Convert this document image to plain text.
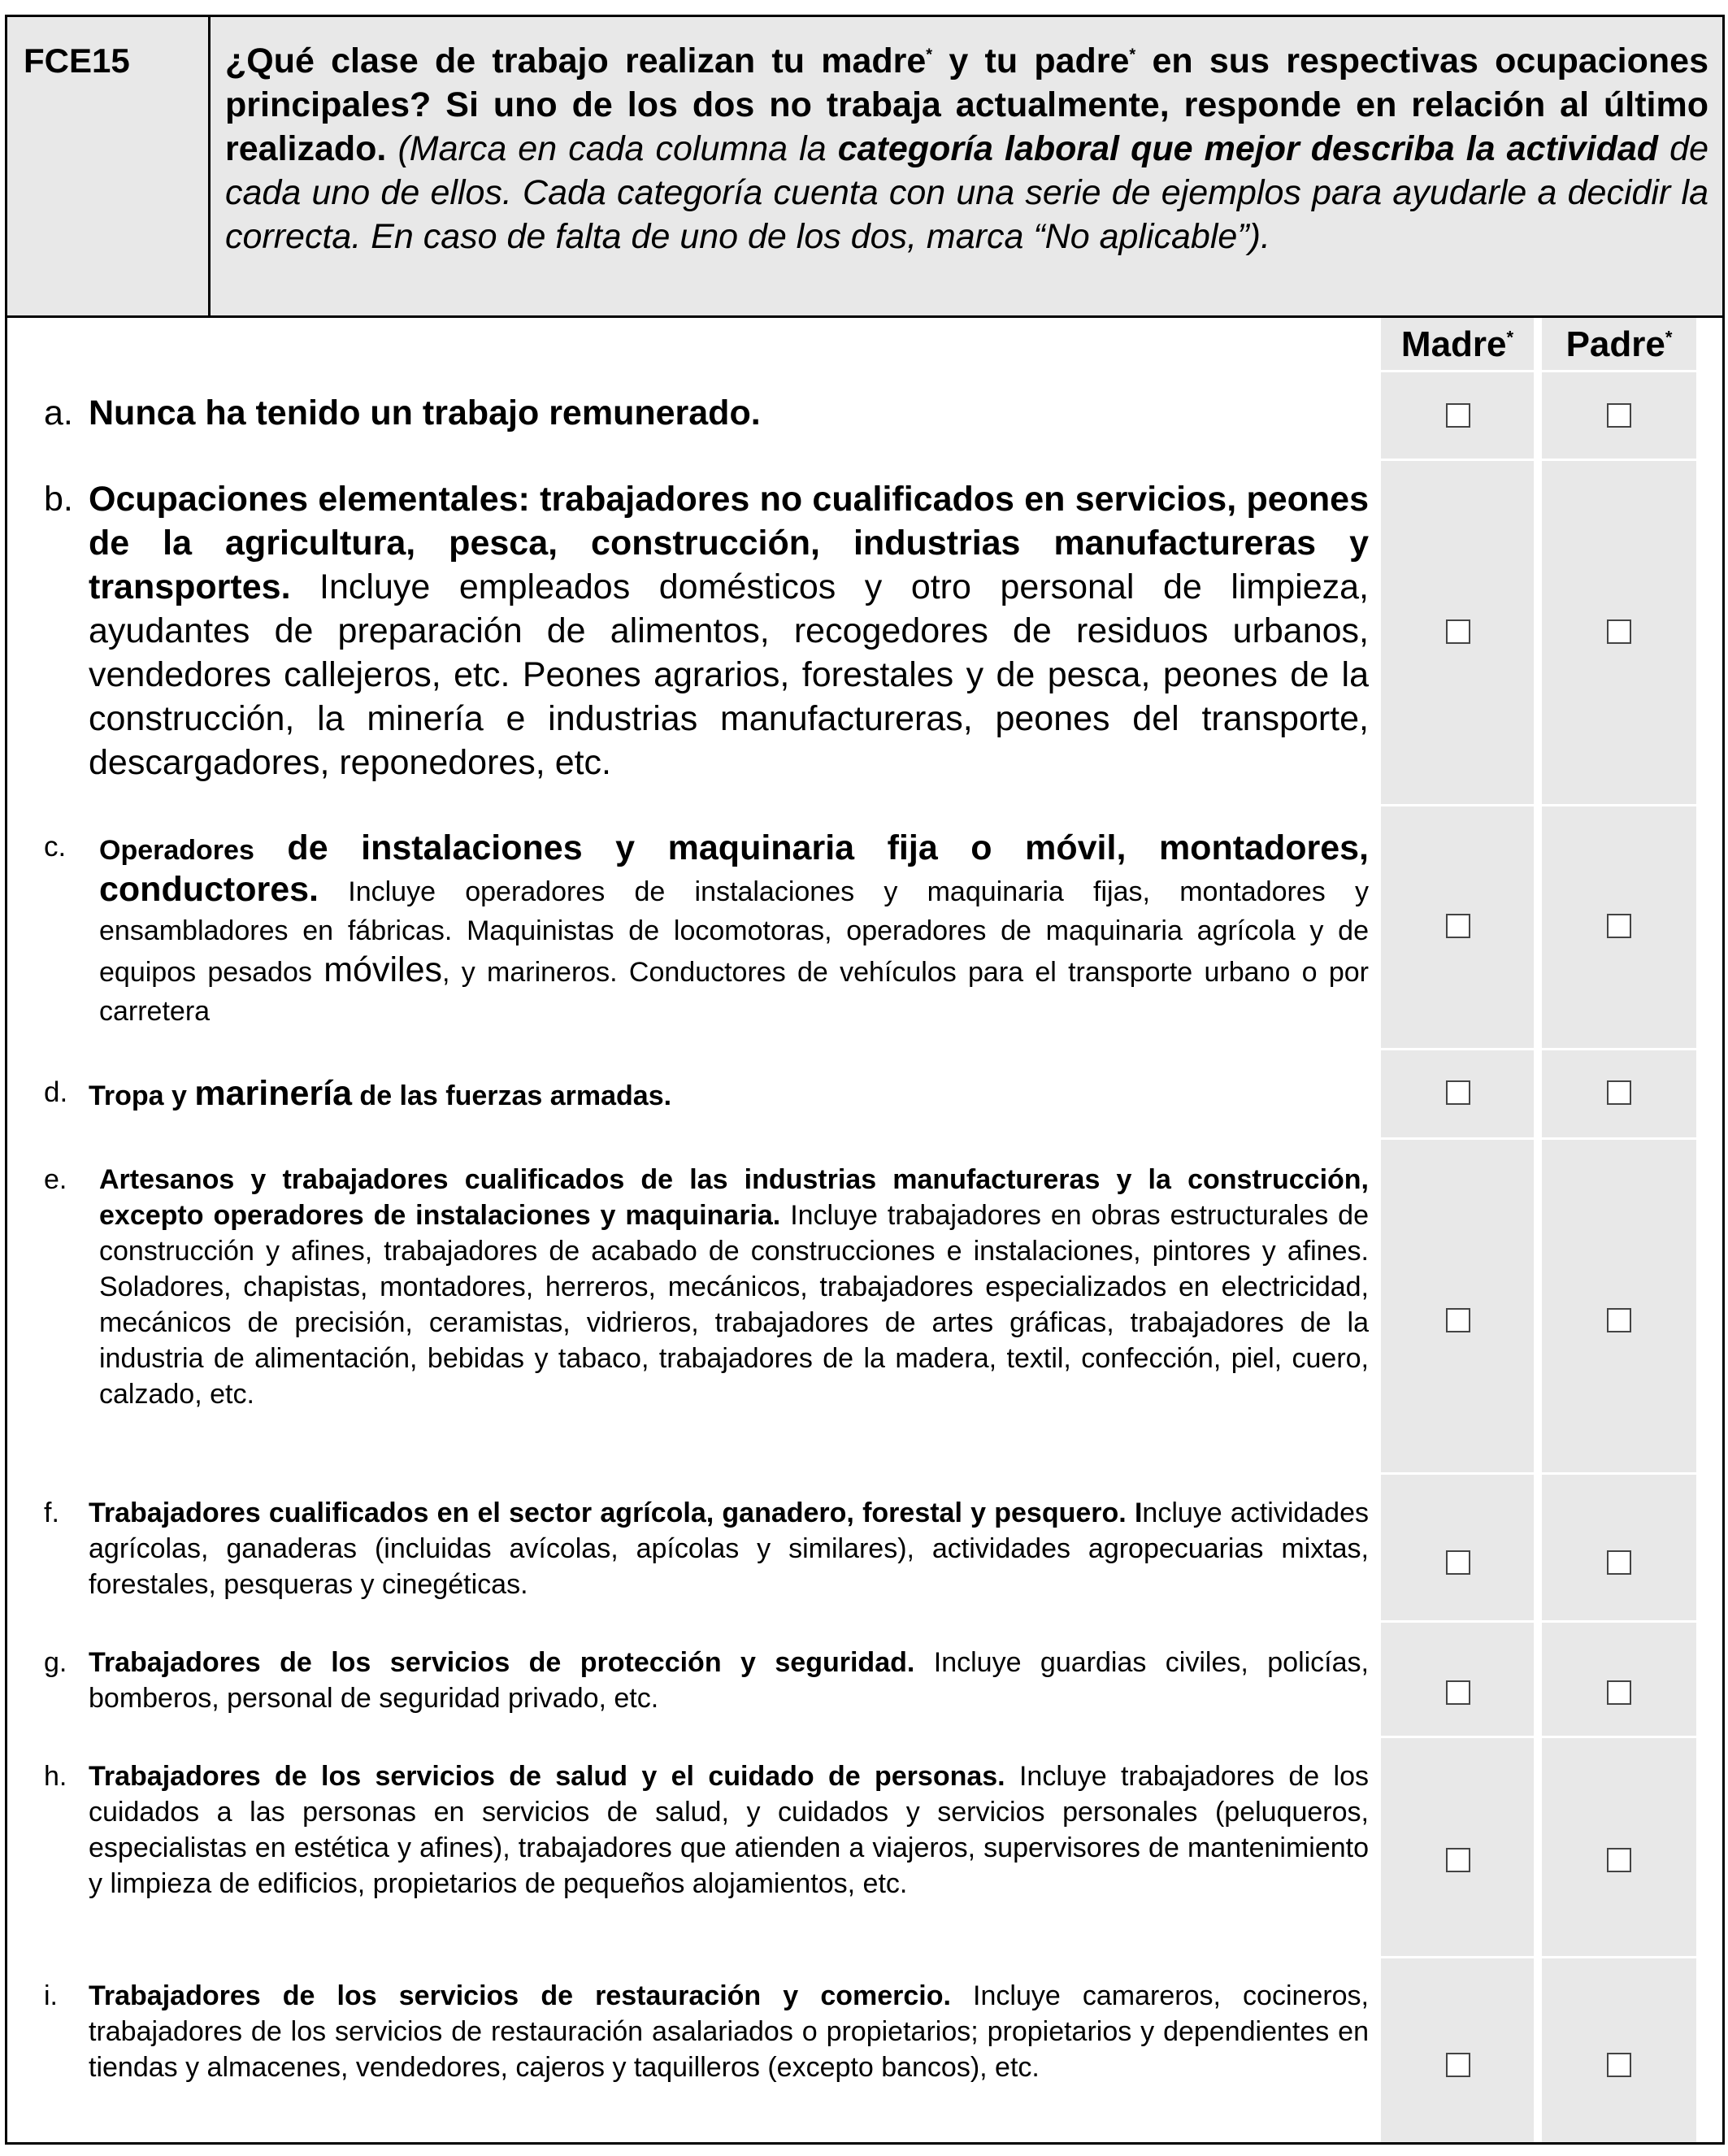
FCE15	¿Qué clase de trabajo realizan tu madre* y tu padre* en sus respectivas ocupaciones principales? Si uno de los dos no trabaja actualmente, responde en relación al último realizado. (Marca en cada columna la categoría laboral que mejor describa la actividad de cada uno de ellos. Cada categoría cuenta con una serie de ejemplos para ayudarle a decidir la correcta. En caso de falta de uno de los dos, marca “No aplicable”).
Madre*	Padre*
a. Nunca ha tenido un trabajo remunerado.
b. Ocupaciones elementales: trabajadores no cualificados en servicios, peones de la agricultura, pesca, construcción, industrias manufactureras y transportes. Incluye empleados domésticos y otro personal de limpieza, ayudantes de preparación de alimentos, recogedores de residuos urbanos, vendedores callejeros, etc. Peones agrarios, forestales y de pesca, peones de la construcción, la minería e industrias manufactureras, peones del transporte, descargadores, reponedores, etc.
c. Operadores de instalaciones y maquinaria fija o móvil, montadores, conductores. Incluye operadores de instalaciones y maquinaria fijas, montadores y ensambladores en fábricas. Maquinistas de locomotoras, operadores de maquinaria agrícola y de equipos pesados móviles, y marineros. Conductores de vehículos para el transporte urbano o por carretera
d. Tropa y marinería de las fuerzas armadas.
e. Artesanos y trabajadores cualificados de las industrias manufactureras y la construcción, excepto operadores de instalaciones y maquinaria. Incluye trabajadores en obras estructurales de construcción y afines, trabajadores de acabado de construcciones e instalaciones, pintores y afines. Soladores, chapistas, montadores, herreros, mecánicos, trabajadores especializados en electricidad, mecánicos de precisión, ceramistas, vidrieros, trabajadores de artes gráficas, trabajadores de la industria de alimentación, bebidas y tabaco, trabajadores de la madera, textil, confección, piel, cuero, calzado, etc.
f. Trabajadores cualificados en el sector agrícola, ganadero, forestal y pesquero. Incluye actividades agrícolas, ganaderas (incluidas avícolas, apícolas y similares), actividades agropecuarias mixtas, forestales, pesqueras y cinegéticas.
g. Trabajadores de los servicios de protección y seguridad. Incluye guardias civiles, policías, bomberos, personal de seguridad privado, etc.
h. Trabajadores de los servicios de salud y el cuidado de personas. Incluye trabajadores de los cuidados a las personas en servicios de salud, y cuidados y servicios personales (peluqueros, especialistas en estética y afines), trabajadores que atienden a viajeros, supervisores de mantenimiento y limpieza de edificios, propietarios de pequeños alojamientos, etc.
i. Trabajadores de los servicios de restauración y comercio. Incluye camareros, cocineros, trabajadores de los servicios de restauración asalariados o propietarios; propietarios y dependientes en tiendas y almacenes, vendedores, cajeros y taquilleros (excepto bancos), etc.
